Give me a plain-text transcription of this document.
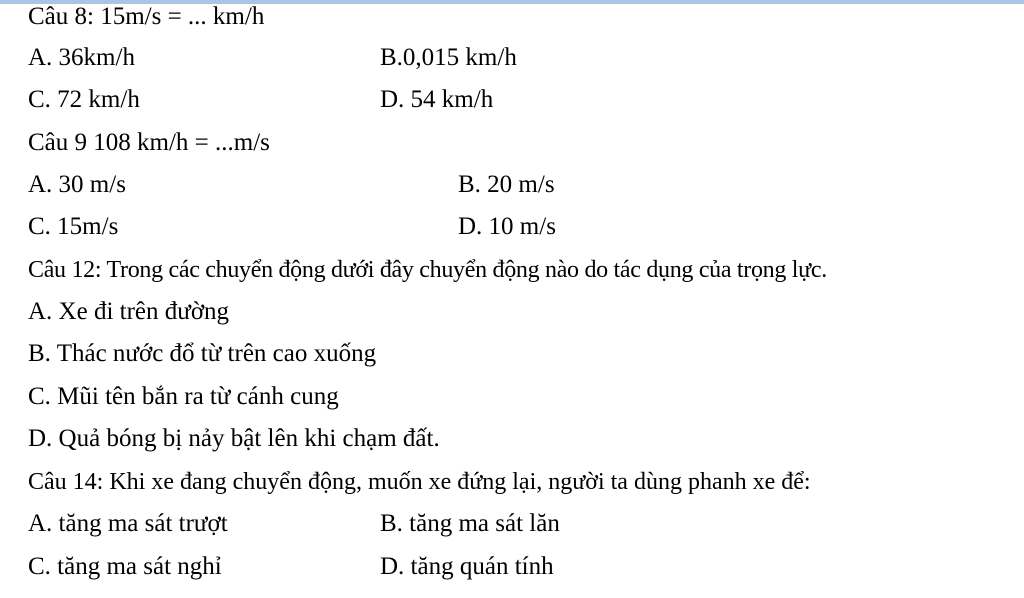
Câu 8: 15m/s = ... km/h
A. 36km/h	B.0,015 km/h
C. 72 km/h	D. 54 km/h
Câu 9 108 km/h = ...m/s
A. 30 m/s	B. 20 m/s
C. 15m/s	D. 10 m/s
Câu 12: Trong các chuyển động dưới đây chuyển động nào do tác dụng của trọng lực.
A. Xe đi trên đường
B. Thác nước đổ từ trên cao xuống
C. Mũi tên bắn ra từ cánh cung
D. Quả bóng bị nảy bật lên khi chạm đất.
Câu 14: Khi xe đang chuyển động, muốn xe đứng lại, người ta dùng phanh xe để:
A. tăng ma sát trượt	B. tăng ma sát lăn
C. tăng ma sát nghỉ	D. tăng quán tính
